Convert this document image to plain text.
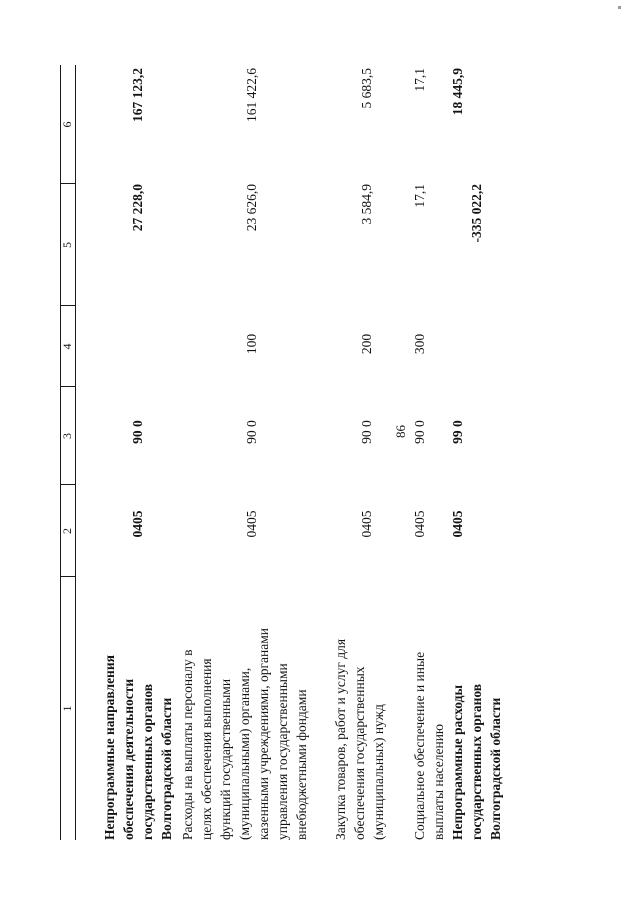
86
1
2
3
4
5
6
Непрограммные направления обеспечения деятельности государственных органов Волгоградской области
0405
90 0
27 228,0
167 123,2
Расходы на выплаты персоналу в целях обеспечения выполнения функций государственными (муниципальными) органами, казенными учреждениями, органами управления государственными внебюджетными фондами
0405
90 0
100
23 626,0
161 422,6
Закупка товаров, работ и услуг для обеспечения государственных (муниципальных) нужд
0405
90 0
200
3 584,9
5 683,5
Социальное обеспечение и иные выплаты населению
0405
90 0
300
17,1
17,1
Непрограммные расходы государственных органов Волгоградской области
0405
99 0
-335 022,2
18 445,9
